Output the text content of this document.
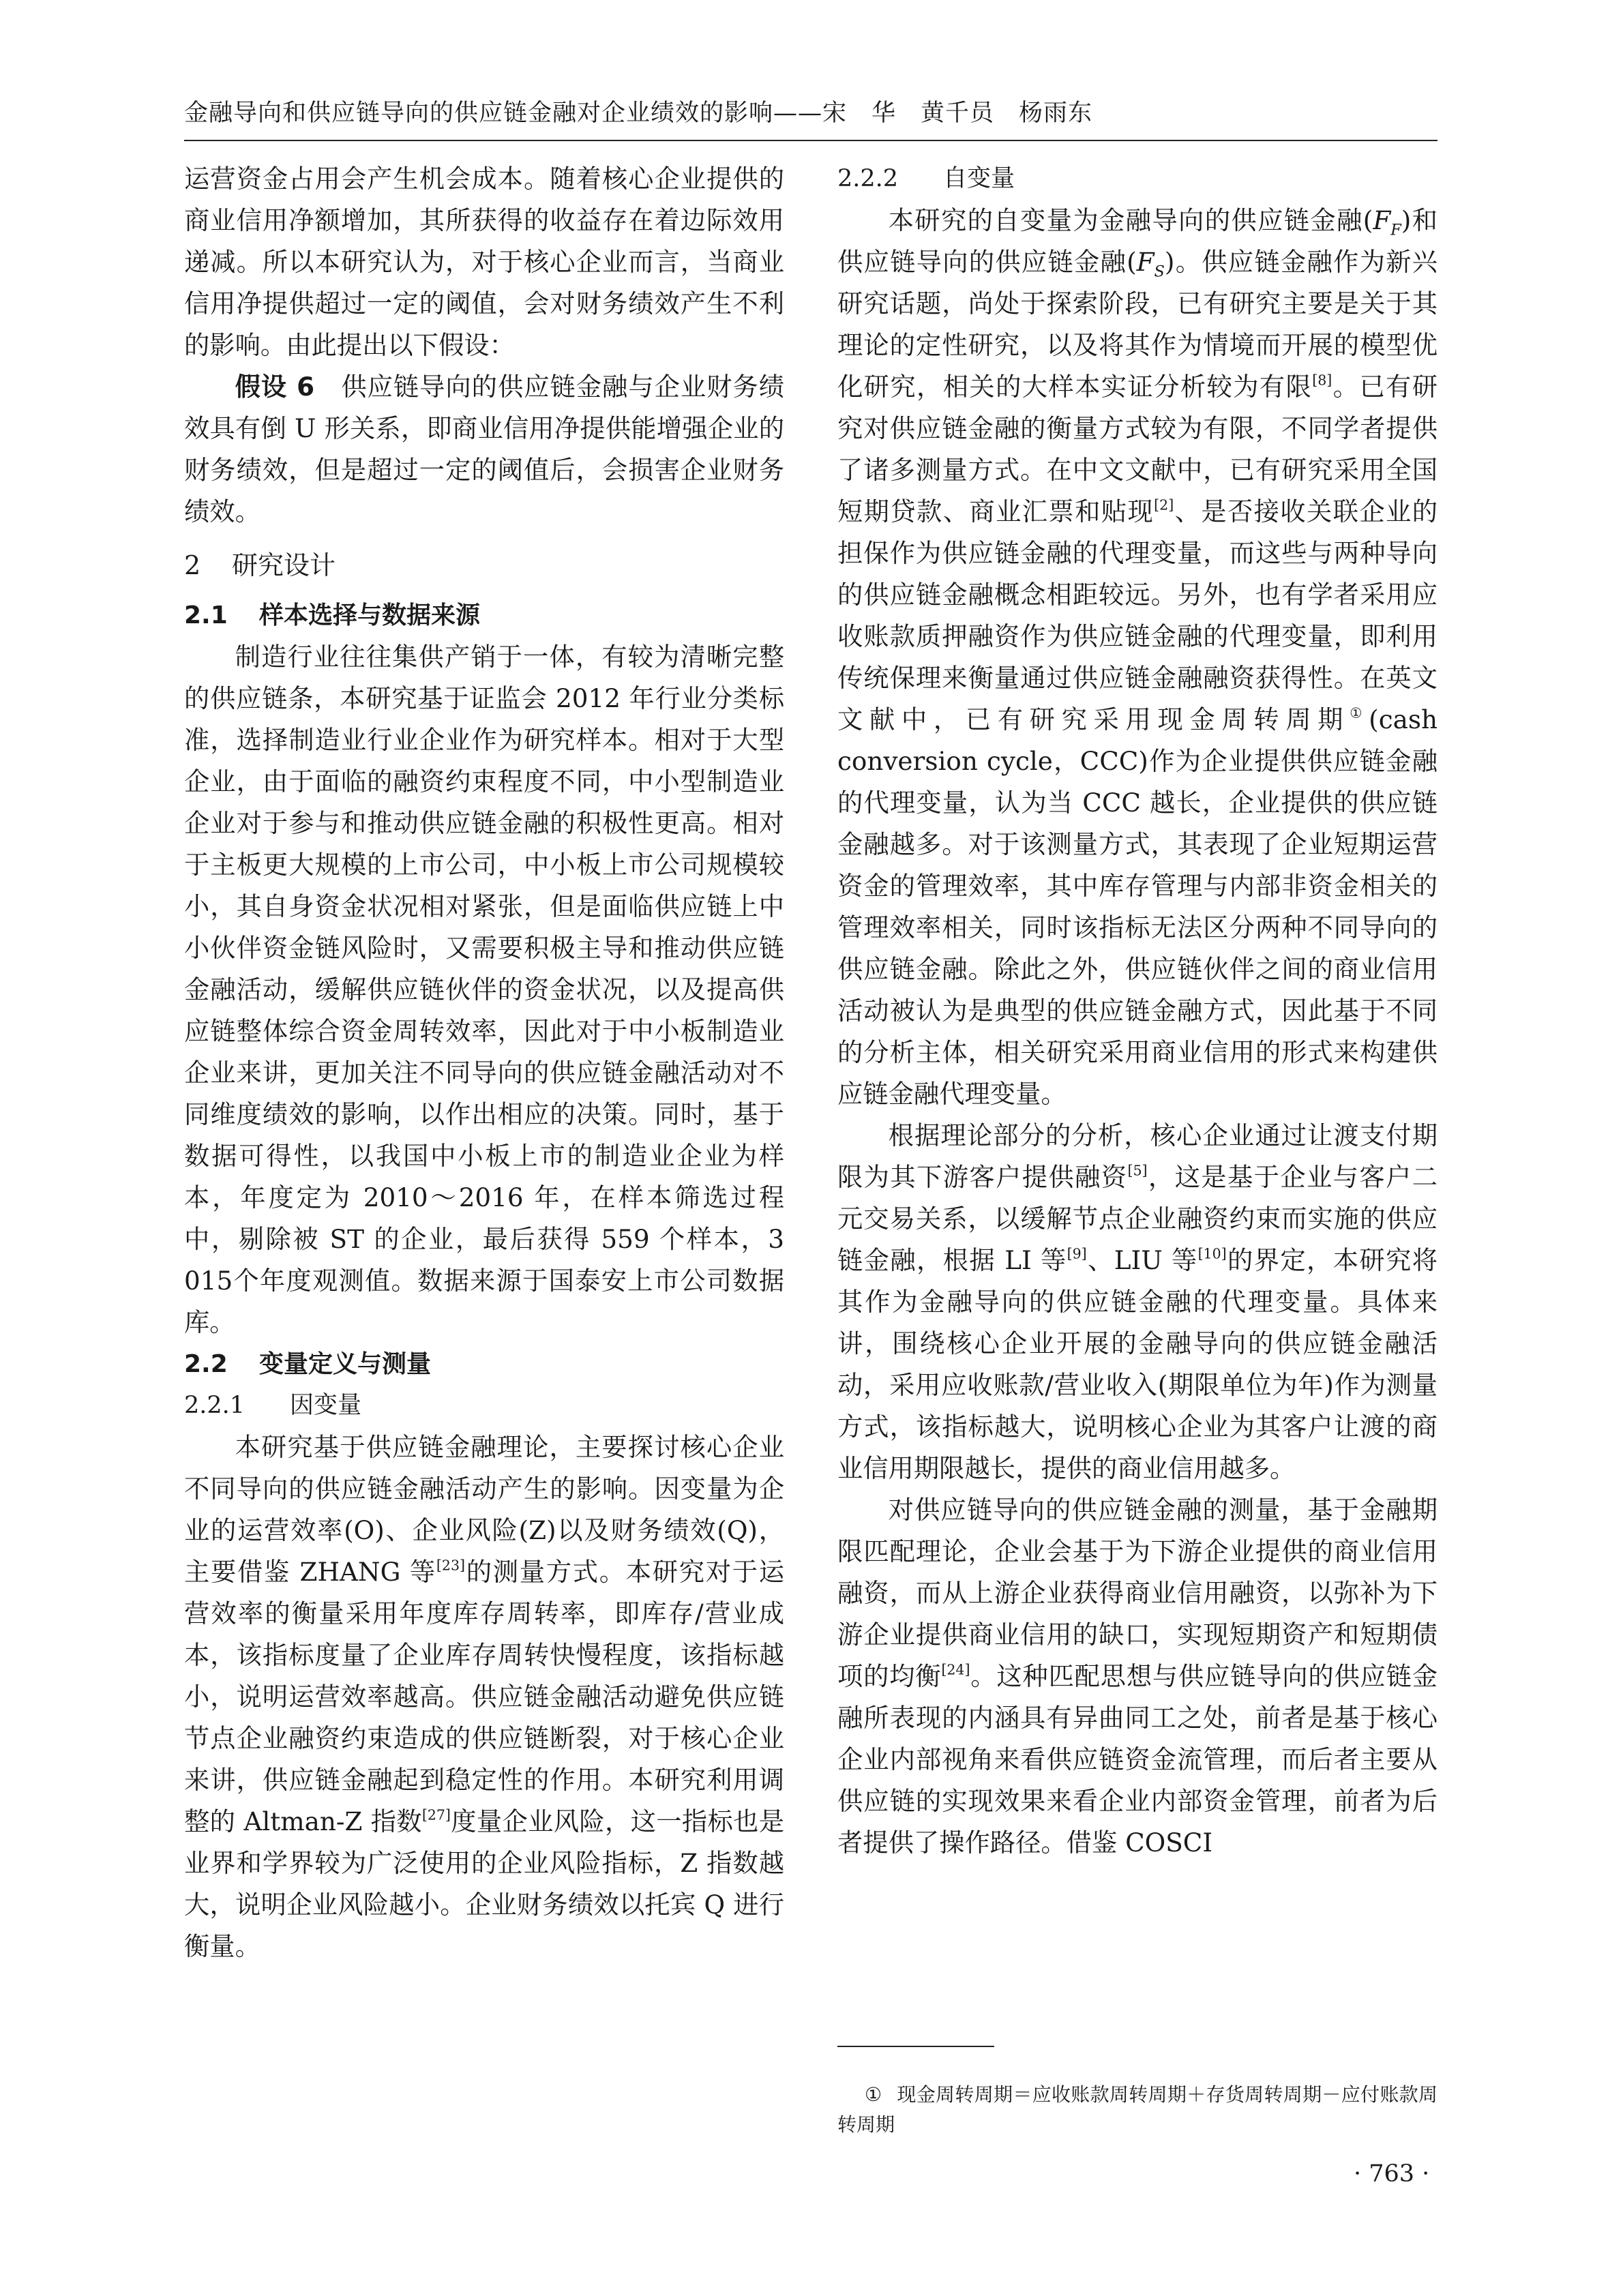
金融导向和供应链导向的供应链金融对企业绩效的影响——宋　华　黄千员　杨雨东

运营资金占用会产生机会成本。随着核心企业提供的商业信用净额增加，其所获得的收益存在着边际效用递减。所以本研究认为，对于核心企业而言，当商业信用净提供超过一定的阈值，会对财务绩效产生不利的影响。由此提出以下假设：

假设 6　供应链导向的供应链金融与企业财务绩效具有倒 U 形关系，即商业信用净提供能增强企业的财务绩效，但是超过一定的阈值后，会损害企业财务绩效。

2 研究设计
2.1 样本选择与数据来源

制造行业往往集供产销于一体，有较为清晰完整的供应链条，本研究基于证监会 2012 年行业分类标准，选择制造业行业企业作为研究样本。相对于大型企业，由于面临的融资约束程度不同，中小型制造业企业对于参与和推动供应链金融的积极性更高。相对于主板更大规模的上市公司，中小板上市公司规模较小，其自身资金状况相对紧张，但是面临供应链上中小伙伴资金链风险时，又需要积极主导和推动供应链金融活动，缓解供应链伙伴的资金状况，以及提高供应链整体综合资金周转效率，因此对于中小板制造业企业来讲，更加关注不同导向的供应链金融活动对不同维度绩效的影响，以作出相应的决策。同时，基于数据可得性，以我国中小板上市的制造业企业为样本，年度定为 2010～2016 年，在样本筛选过程中，剔除被 ST 的企业，最后获得 559 个样本，3 015个年度观测值。数据来源于国泰安上市公司数据库。

2.2 变量定义与测量
2.2.1 因变量

本研究基于供应链金融理论，主要探讨核心企业不同导向的供应链金融活动产生的影响。因变量为企业的运营效率(O)、企业风险(Z)以及财务绩效(Q)，主要借鉴 ZHANG 等[23]的测量方式。本研究对于运营效率的衡量采用年度库存周转率，即库存/营业成本，该指标度量了企业库存周转快慢程度，该指标越小，说明运营效率越高。供应链金融活动避免供应链节点企业融资约束造成的供应链断裂，对于核心企业来讲，供应链金融起到稳定性的作用。本研究利用调整的 Altman-Z 指数[27]度量企业风险，这一指标也是业界和学界较为广泛使用的企业风险指标，Z 指数越大，说明企业风险越小。企业财务绩效以托宾 Q 进行衡量。

2.2.2 自变量

本研究的自变量为金融导向的供应链金融$(F_F)$和供应链导向的供应链金融$(F_S)$。供应链金融作为新兴研究话题，尚处于探索阶段，已有研究主要是关于其理论的定性研究，以及将其作为情境而开展的模型优化研究，相关的大样本实证分析较为有限[8]。已有研究对供应链金融的衡量方式较为有限，不同学者提供了诸多测量方式。在中文文献中，已有研究采用全国短期贷款、商业汇票和贴现[2]、是否接收关联企业的担保作为供应链金融的代理变量，而这些与两种导向的供应链金融概念相距较远。另外，也有学者采用应收账款质押融资作为供应链金融的代理变量，即利用传统保理来衡量通过供应链金融融资获得性。在英文文献中，已有研究采用现金周转周期①(cash conversion cycle，CCC)作为企业提供供应链金融的代理变量，认为当 CCC 越长，企业提供的供应链金融越多。对于该测量方式，其表现了企业短期运营资金的管理效率，其中库存管理与内部非资金相关的管理效率相关，同时该指标无法区分两种不同导向的供应链金融。除此之外，供应链伙伴之间的商业信用活动被认为是典型的供应链金融方式，因此基于不同的分析主体，相关研究采用商业信用的形式来构建供应链金融代理变量。

根据理论部分的分析，核心企业通过让渡支付期限为其下游客户提供融资[5]，这是基于企业与客户二元交易关系，以缓解节点企业融资约束而实施的供应链金融，根据 LI 等[9]、LIU 等[10]的界定，本研究将其作为金融导向的供应链金融的代理变量。具体来讲，围绕核心企业开展的金融导向的供应链金融活动，采用应收账款/营业收入(期限单位为年)作为测量方式，该指标越大，说明核心企业为其客户让渡的商业信用期限越长，提供的商业信用越多。

对供应链导向的供应链金融的测量，基于金融期限匹配理论，企业会基于为下游企业提供的商业信用融资，而从上游企业获得商业信用融资，以弥补为下游企业提供商业信用的缺口，实现短期资产和短期债项的均衡[24]。这种匹配思想与供应链导向的供应链金融所表现的内涵具有异曲同工之处，前者是基于核心企业内部视角来看供应链资金流管理，而后者主要从供应链的实现效果来看企业内部资金管理，前者为后者提供了操作路径。借鉴 COSCI

① 现金周转周期＝应收账款周转周期＋存货周转周期－应付账款周转周期
· 763 ·
